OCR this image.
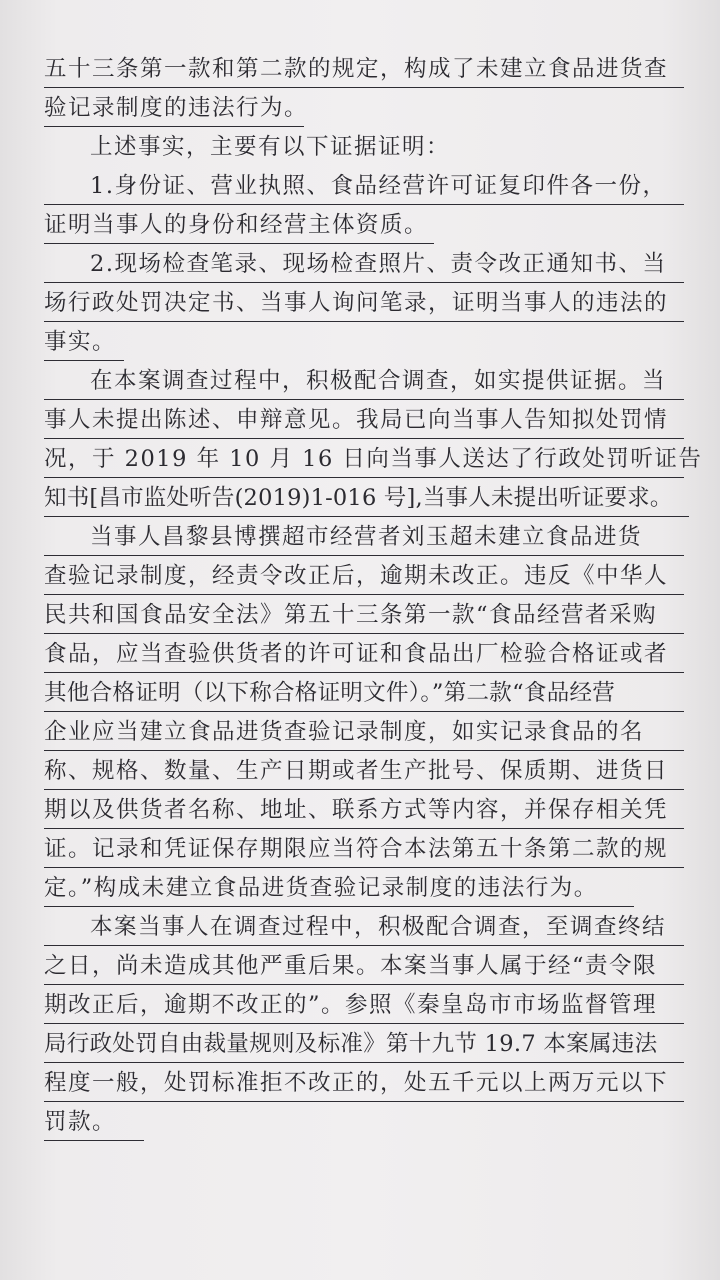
五十三条第一款和第二款的规定，构成了未建立食品进货查
验记录制度的违法行为。
上述事实，主要有以下证据证明：
1.身份证、营业执照、食品经营许可证复印件各一份，
证明当事人的身份和经营主体资质。
2.现场检查笔录、现场检查照片、责令改正通知书、当
场行政处罚决定书、当事人询问笔录，证明当事人的违法的
事实。
在本案调查过程中，积极配合调查，如实提供证据。当
事人未提出陈述、申辩意见。我局已向当事人告知拟处罚情
况，于 2019 年 10 月 16 日向当事人送达了行政处罚听证告
知书[昌市监处听告(2019)1-016 号],当事人未提出听证要求。
当事人昌黎县博撰超市经营者刘玉超未建立食品进货
查验记录制度，经责令改正后，逾期未改正。违反《中华人
民共和国食品安全法》第五十三条第一款“食品经营者采购
食品，应当查验供货者的许可证和食品出厂检验合格证或者
其他合格证明（以下称合格证明文件）。”第二款“食品经营
企业应当建立食品进货查验记录制度，如实记录食品的名
称、规格、数量、生产日期或者生产批号、保质期、进货日
期以及供货者名称、地址、联系方式等内容，并保存相关凭
证。记录和凭证保存期限应当符合本法第五十条第二款的规
定。”构成未建立食品进货查验记录制度的违法行为。
本案当事人在调查过程中，积极配合调查，至调查终结
之日，尚未造成其他严重后果。本案当事人属于经“责令限
期改正后，逾期不改正的”。参照《秦皇岛市市场监督管理
局行政处罚自由裁量规则及标准》第十九节 19.7 本案属违法
程度一般，处罚标准拒不改正的，处五千元以上两万元以下
罚款。
